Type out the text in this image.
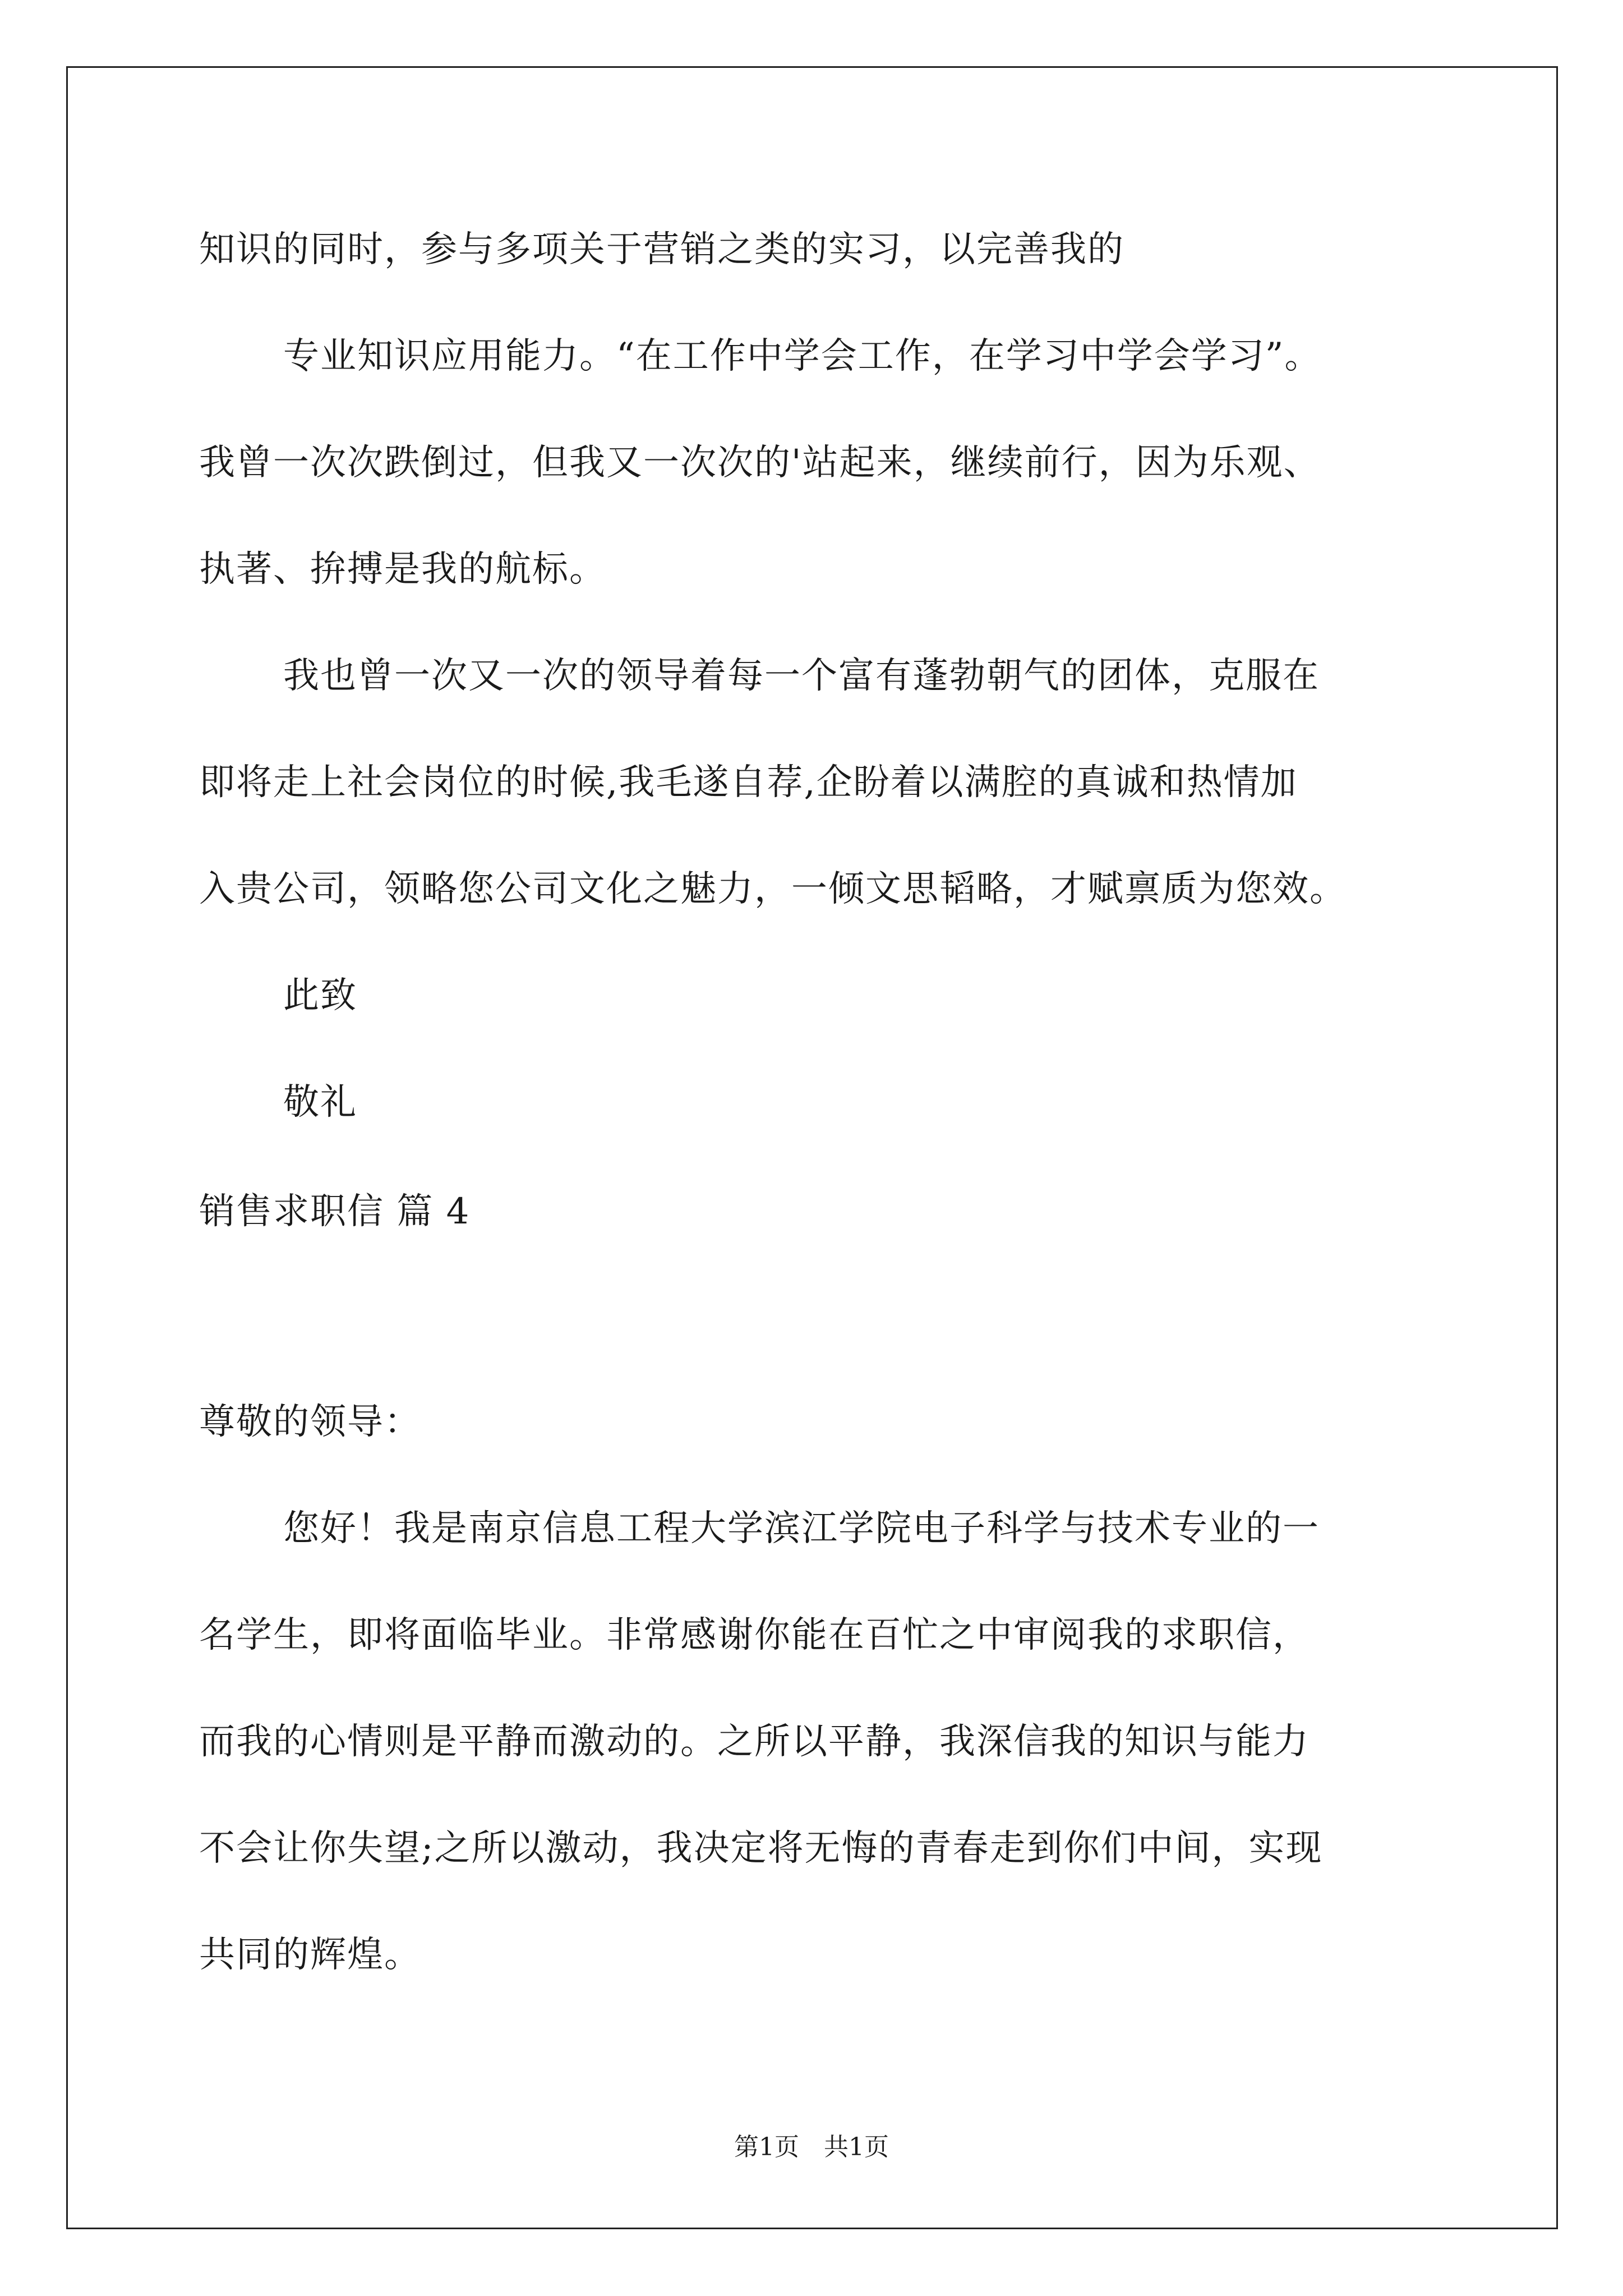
知识的同时，参与多项关于营销之类的实习，以完善我的
专业知识应用能力。“在工作中学会工作，在学习中学会学习”。
我曾一次次跌倒过，但我又一次次的'站起来，继续前行，因为乐观、
执著、拚搏是我的航标。
我也曾一次又一次的领导着每一个富有蓬勃朝气的团体，克服在
即将走上社会岗位的时候,我毛遂自荐,企盼着以满腔的真诚和热情加
入贵公司，领略您公司文化之魅力，一倾文思韬略，才赋禀质为您效。
此致
敬礼
销售求职信 篇 4
尊敬的领导：
您好！我是南京信息工程大学滨江学院电子科学与技术专业的一
名学生，即将面临毕业。非常感谢你能在百忙之中审阅我的求职信，
而我的心情则是平静而激动的。之所以平静，我深信我的知识与能力
不会让你失望;之所以激动，我决定将无悔的青春走到你们中间，实现
共同的辉煌。
第1页　共1页
